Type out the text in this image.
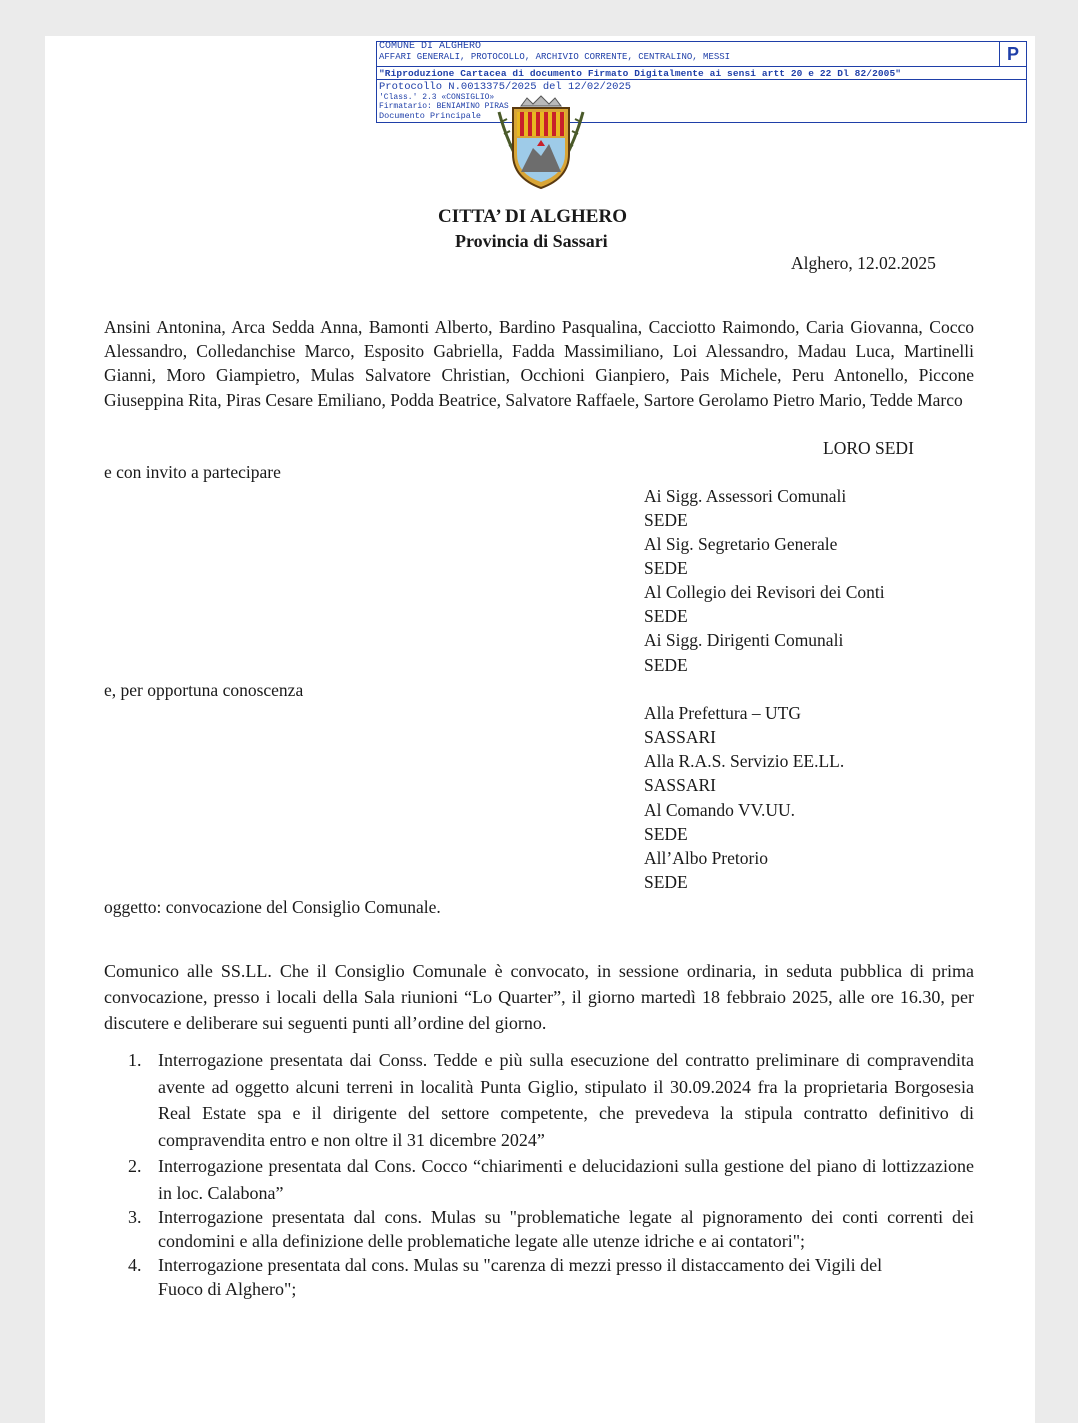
COMUNE DI ALGHERO
AFFARI GENERALI, PROTOCOLLO, ARCHIVIO CORRENTE, CENTRALINO, MESSI	P
"Riproduzione Cartacea di documento Firmato Digitalmente ai sensi artt 20 e 22 Dl 82/2005"
Protocollo N.0013375/2025 del 12/02/2025
'Class.' 2.3 «CONSIGLIO»
Firmatario: BENIAMINO PIRAS
Documento Principale
CITTA’ DI ALGHERO
Provincia di Sassari
Alghero, 12.02.2025
Ansini Antonina, Arca Sedda Anna, Bamonti Alberto, Bardino Pasqualina, Cacciotto Raimondo, Caria Giovanna, Cocco Alessandro, Colledanchise Marco, Esposito Gabriella, Fadda Massimiliano, Loi Alessandro, Madau Luca, Martinelli Gianni, Moro Giampietro, Mulas Salvatore Christian, Occhioni Gianpiero, Pais Michele, Peru Antonello, Piccone Giuseppina Rita, Piras Cesare Emiliano, Podda Beatrice, Salvatore Raffaele, Sartore Gerolamo Pietro Mario, Tedde Marco
LORO SEDI
e con invito a partecipare
Ai Sigg. Assessori Comunali
SEDE
Al Sig. Segretario Generale
SEDE
Al Collegio dei Revisori dei Conti
SEDE
Ai Sigg. Dirigenti Comunali
SEDE
e, per opportuna conoscenza
Alla Prefettura – UTG
SASSARI
Alla R.A.S. Servizio EE.LL.
SASSARI
Al Comando VV.UU.
SEDE
All’Albo Pretorio
SEDE
oggetto: convocazione del Consiglio Comunale.
Comunico alle SS.LL. Che il Consiglio Comunale è convocato, in sessione ordinaria, in seduta pubblica di prima convocazione, presso i locali della Sala riunioni “Lo Quarter”, il giorno martedì 18 febbraio 2025, alle ore 16.30, per discutere e deliberare sui seguenti punti all’ordine del giorno.
1. Interrogazione presentata dai Conss. Tedde e più sulla esecuzione del contratto preliminare di compravendita avente ad oggetto alcuni terreni in località Punta Giglio, stipulato il 30.09.2024 fra la proprietaria Borgosesia Real Estate spa e il dirigente del settore competente, che prevedeva la stipula contratto definitivo di compravendita entro e non oltre il 31 dicembre 2024”
2. Interrogazione presentata dal Cons. Cocco “chiarimenti e delucidazioni sulla gestione del piano di lottizzazione in loc. Calabona”
3. Interrogazione presentata dal cons. Mulas su "problematiche legate al pignoramento dei conti correnti dei condomini e alla definizione delle problematiche legate alle utenze idriche e ai contatori";
4. Interrogazione presentata dal cons. Mulas su "carenza di mezzi presso il distaccamento dei Vigili del Fuoco di Alghero";
